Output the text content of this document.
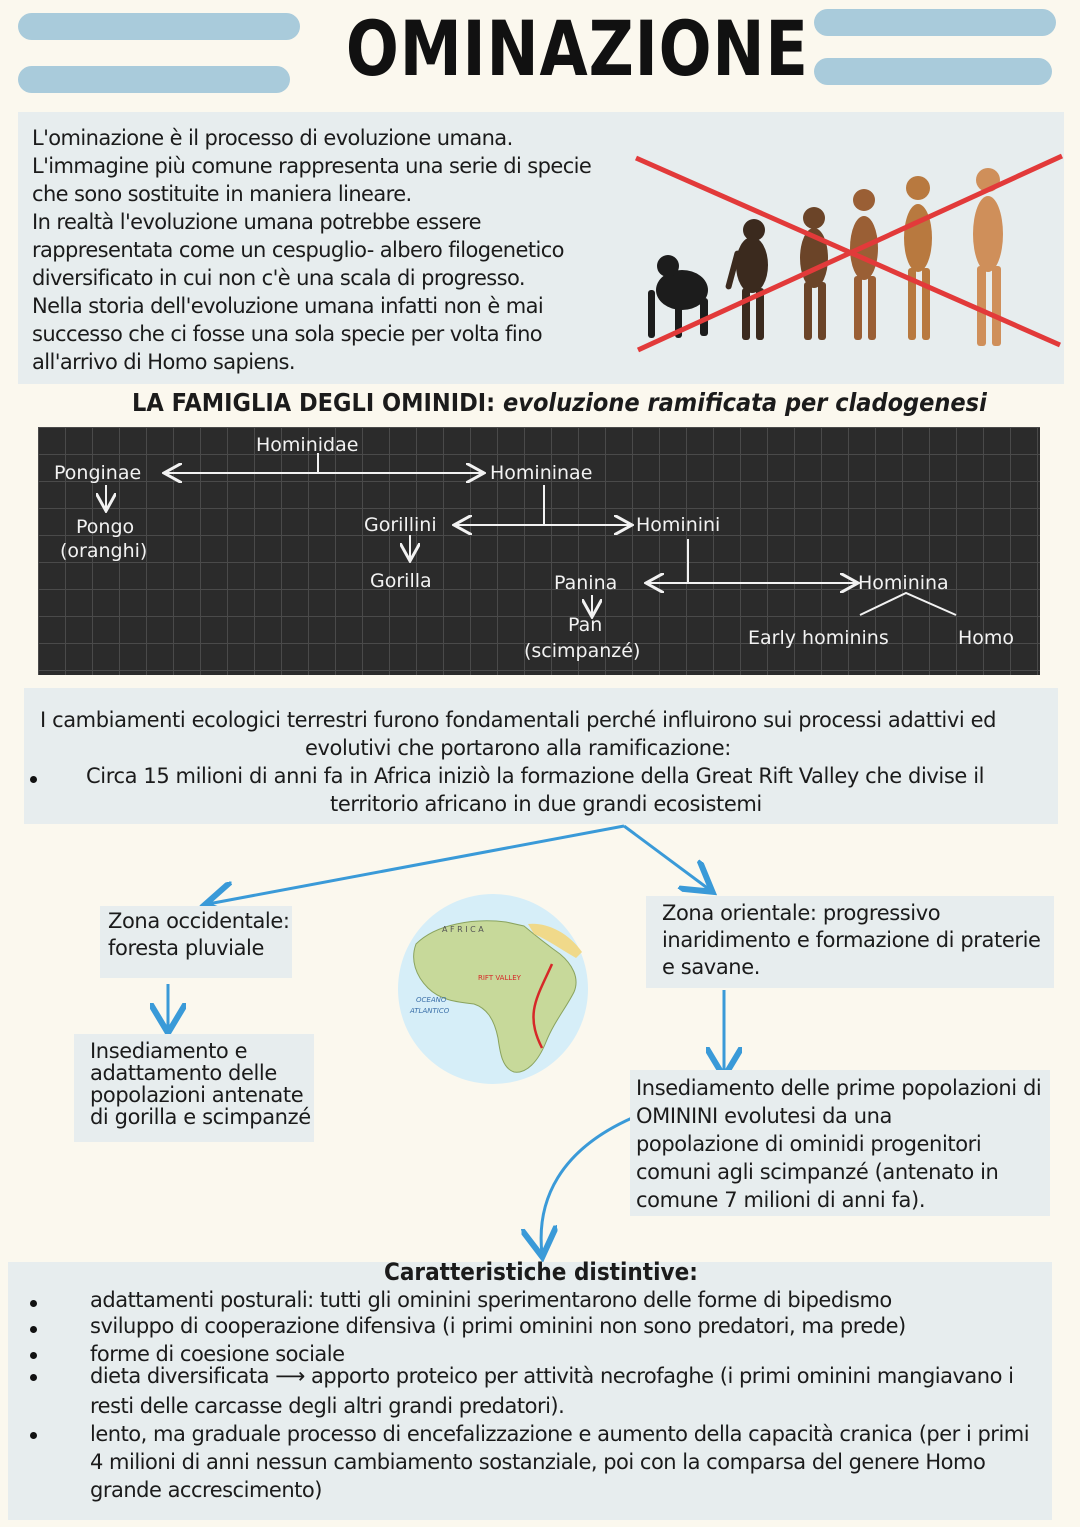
OMINAZIONE
L'ominazione è il processo di evoluzione umana.
L'immagine più comune rappresenta una serie di specie
che sono sostituite in maniera lineare.
In realtà l'evoluzione umana potrebbe essere
rappresentata come un cespuglio- albero filogenetico
diversificato in cui non c'è una scala di progresso.
Nella storia dell'evoluzione umana infatti non è mai
successo che ci fosse una sola specie per volta fino
all'arrivo di Homo sapiens.
LA FAMIGLIA DEGLI OMINIDI: evoluzione ramificata per cladogenesi
Hominidae
Ponginae	Homininae
Pongo
(oranghi)
Gorillini	Hominini
Gorilla	Panina	Hominina
Pan
(scimpanzé)
Early hominins	Homo
I cambiamenti ecologici terrestri furono fondamentali perché influirono sui processi adattivi ed
evolutivi che portarono alla ramificazione:
Circa 15 milioni di anni fa in Africa iniziò la formazione della Great Rift Valley che divise il
territorio africano in due grandi ecosistemi
Zona occidentale:
foresta pluviale
Insediamento e
adattamento delle
popolazioni antenate
di gorilla e scimpanzé
A F R I C A
RIFT VALLEY
OCEANO
ATLANTICO
Zona orientale: progressivo
inaridimento e formazione di praterie
e savane.
Insediamento delle prime popolazioni di
OMININI evolutesi da una
popolazione di ominidi progenitori
comuni agli scimpanzé (antenato in
comune 7 milioni di anni fa).
Caratteristiche distintive:
adattamenti posturali: tutti gli ominini sperimentarono delle forme di bipedismo
sviluppo di cooperazione difensiva (i primi ominini non sono predatori, ma prede)
forme di coesione sociale
dieta diversificata ⟶ apporto proteico per attività necrofaghe (i primi ominini mangiavano i
resti delle carcasse degli altri grandi predatori).
lento, ma graduale processo di encefalizzazione e aumento della capacità cranica (per i primi
4 milioni di anni nessun cambiamento sostanziale, poi con la comparsa del genere Homo
grande accrescimento)
